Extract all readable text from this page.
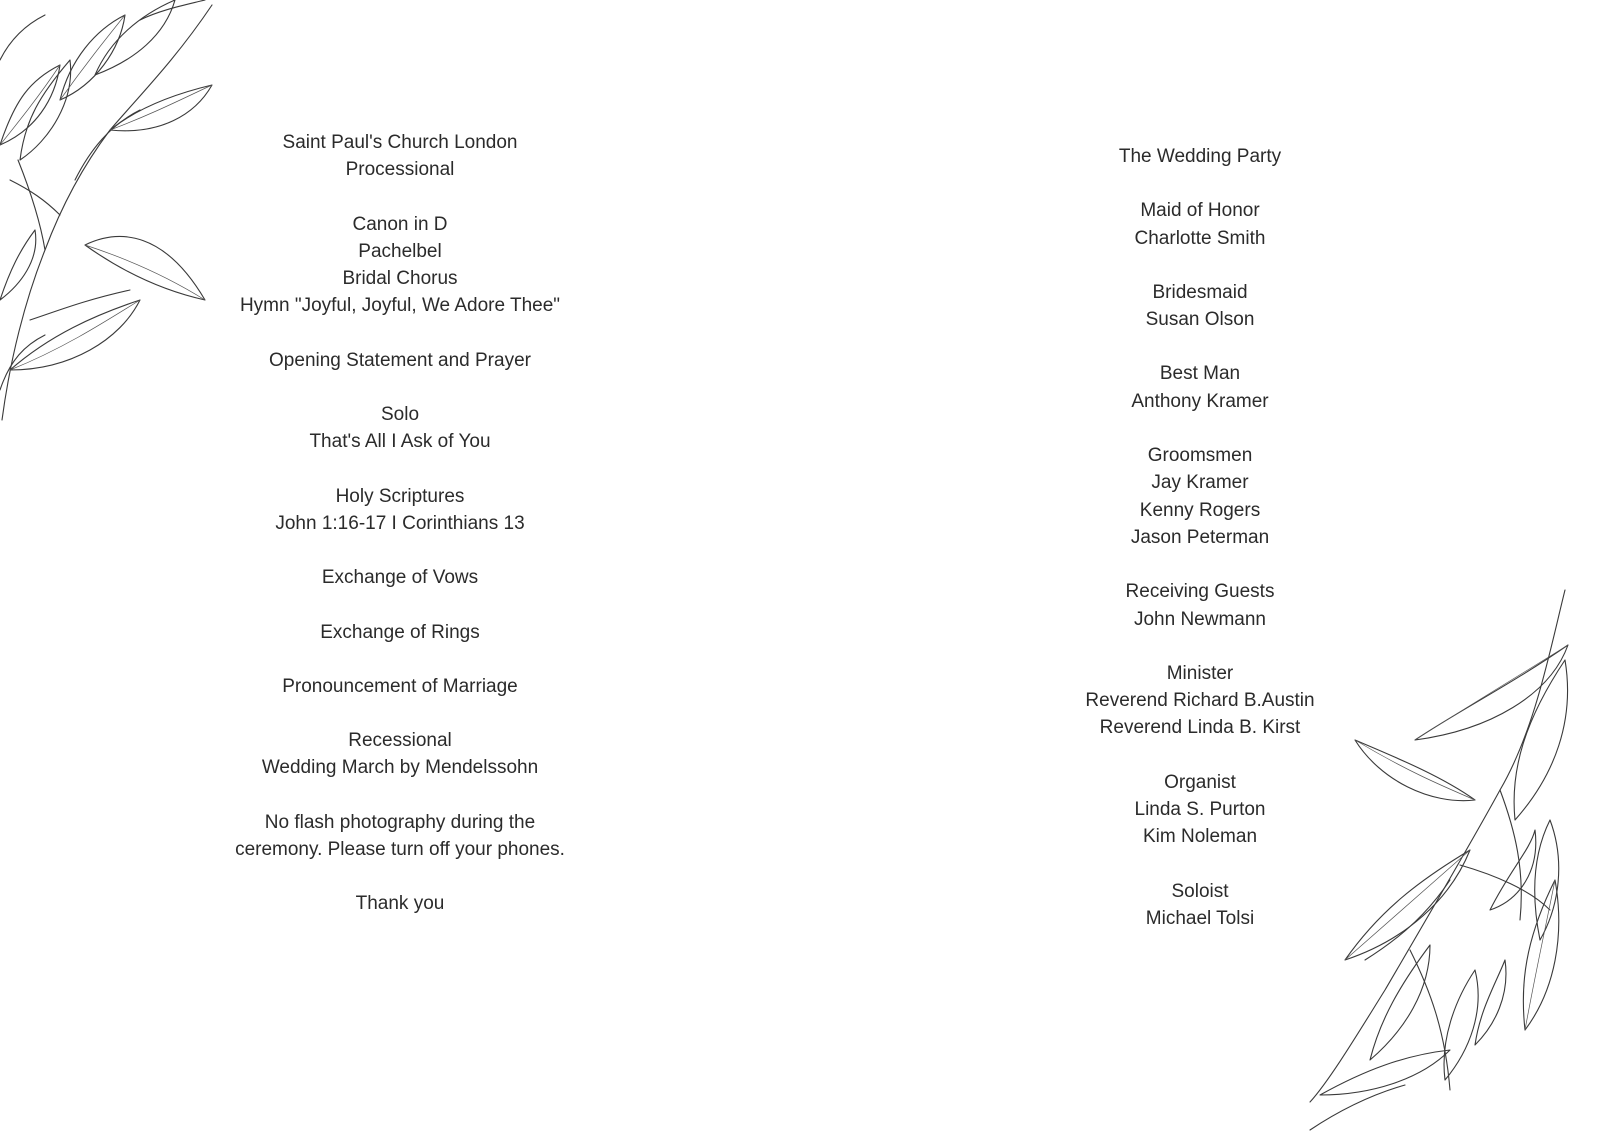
Saint Paul's Church London
Processional
Canon in D
Pachelbel
Bridal Chorus
Hymn "Joyful, Joyful, We Adore Thee"
Opening Statement and Prayer
Solo
That's All I Ask of You
Holy Scriptures
John 1:16-17 I Corinthians 13
Exchange of Vows
Exchange of Rings
Pronouncement of Marriage
Recessional
Wedding March by Mendelssohn
No flash photography during the
ceremony. Please turn off your phones.
Thank you
The Wedding Party
Maid of Honor
Charlotte Smith
Bridesmaid
Susan Olson
Best Man
Anthony Kramer
Groomsmen
Jay Kramer
Kenny Rogers
Jason Peterman
Receiving Guests
John Newmann
Minister
Reverend Richard B.Austin
Reverend Linda B. Kirst
Organist
Linda S. Purton
Kim Noleman
Soloist
Michael Tolsi
